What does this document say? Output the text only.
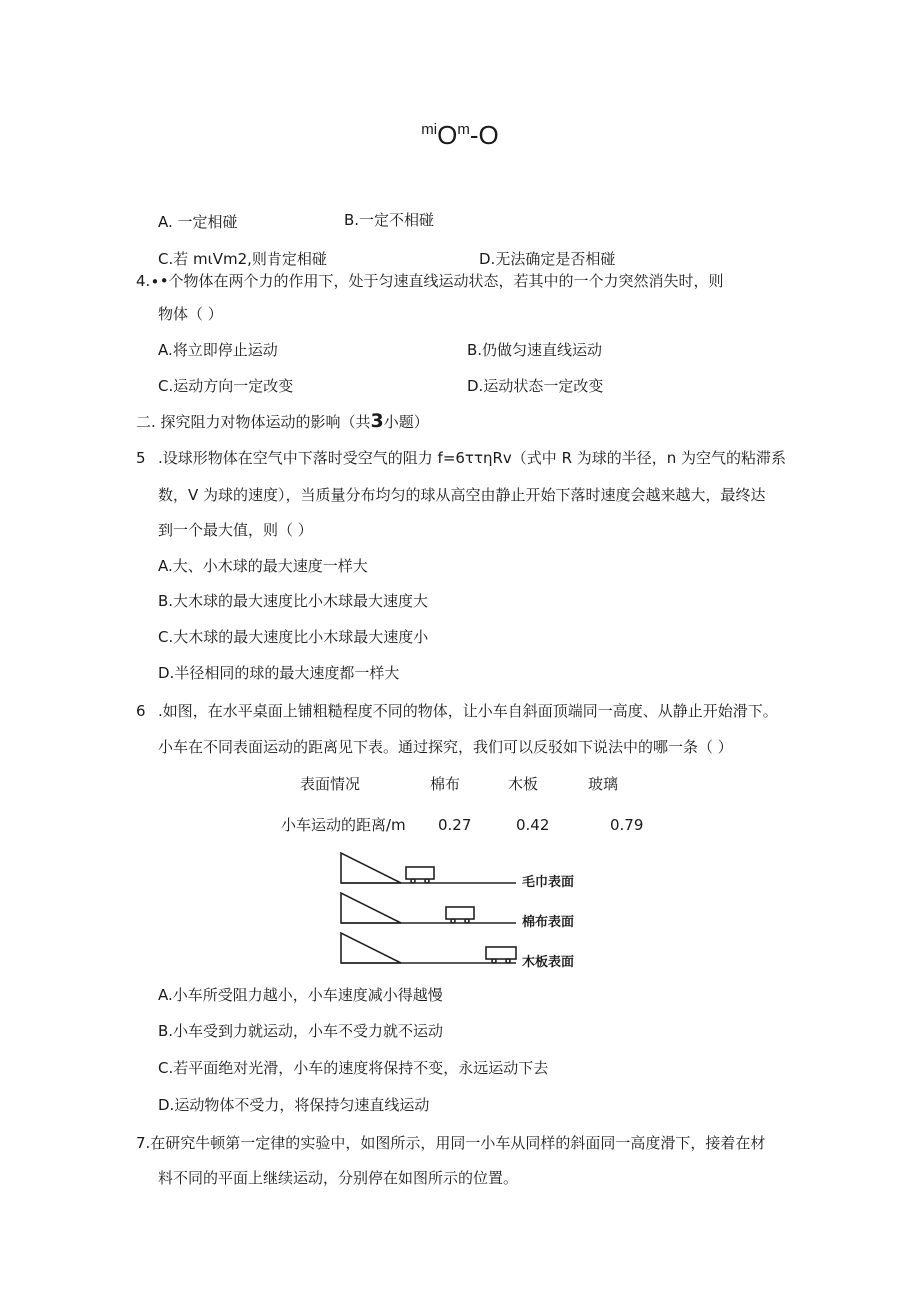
$^{mi}O^m-O$
A. 一定相碰	B.一定不相碰
C.若 mιVm2,则肯定相碰	D.无法确定是否相碰
4.∙•个物体在两个力的作用下，处于匀速直线运动状态，若其中的一个力突然消失时，则
物体（ ）
A.将立即停止运动	B.仍做匀速直线运动
C.运动方向一定改变	D.运动状态一定改变
二. 探究阻力对物体运动的影响（共3小题）
5 .设球形物体在空气中下落时受空气的阻力 f=6ττηRv（式中 R 为球的半径，n 为空气的粘滞系
数，V 为球的速度），当质量分布均匀的球从高空由静止开始下落时速度会越来越大，最终达
到一个最大值，则（ ）
A.大、小木球的最大速度一样大
B.大木球的最大速度比小木球最大速度大
C.大木球的最大速度比小木球最大速度小
D.半径相同的球的最大速度都一样大
6 .如图，在水平桌面上铺粗糙程度不同的物体，让小车自斜面顶端同一高度、从静止开始滑下。
小车在不同表面运动的距离见下表。通过探究，我们可以反驳如下说法中的哪一条（ ）
表面情况	棉布	木板	玻璃
小车运动的距离/m 0.27	0.42	0.79
毛巾表面
棉布表面
木板表面
A.小车所受阻力越小，小车速度减小得越慢
B.小车受到力就运动，小车不受力就不运动
C.若平面绝对光滑，小车的速度将保持不变，永远运动下去
D.运动物体不受力，将保持匀速直线运动
7.在研究牛顿第一定律的实验中，如图所示，用同一小车从同样的斜面同一高度滑下，接着在材
料不同的平面上继续运动，分别停在如图所示的位置。
